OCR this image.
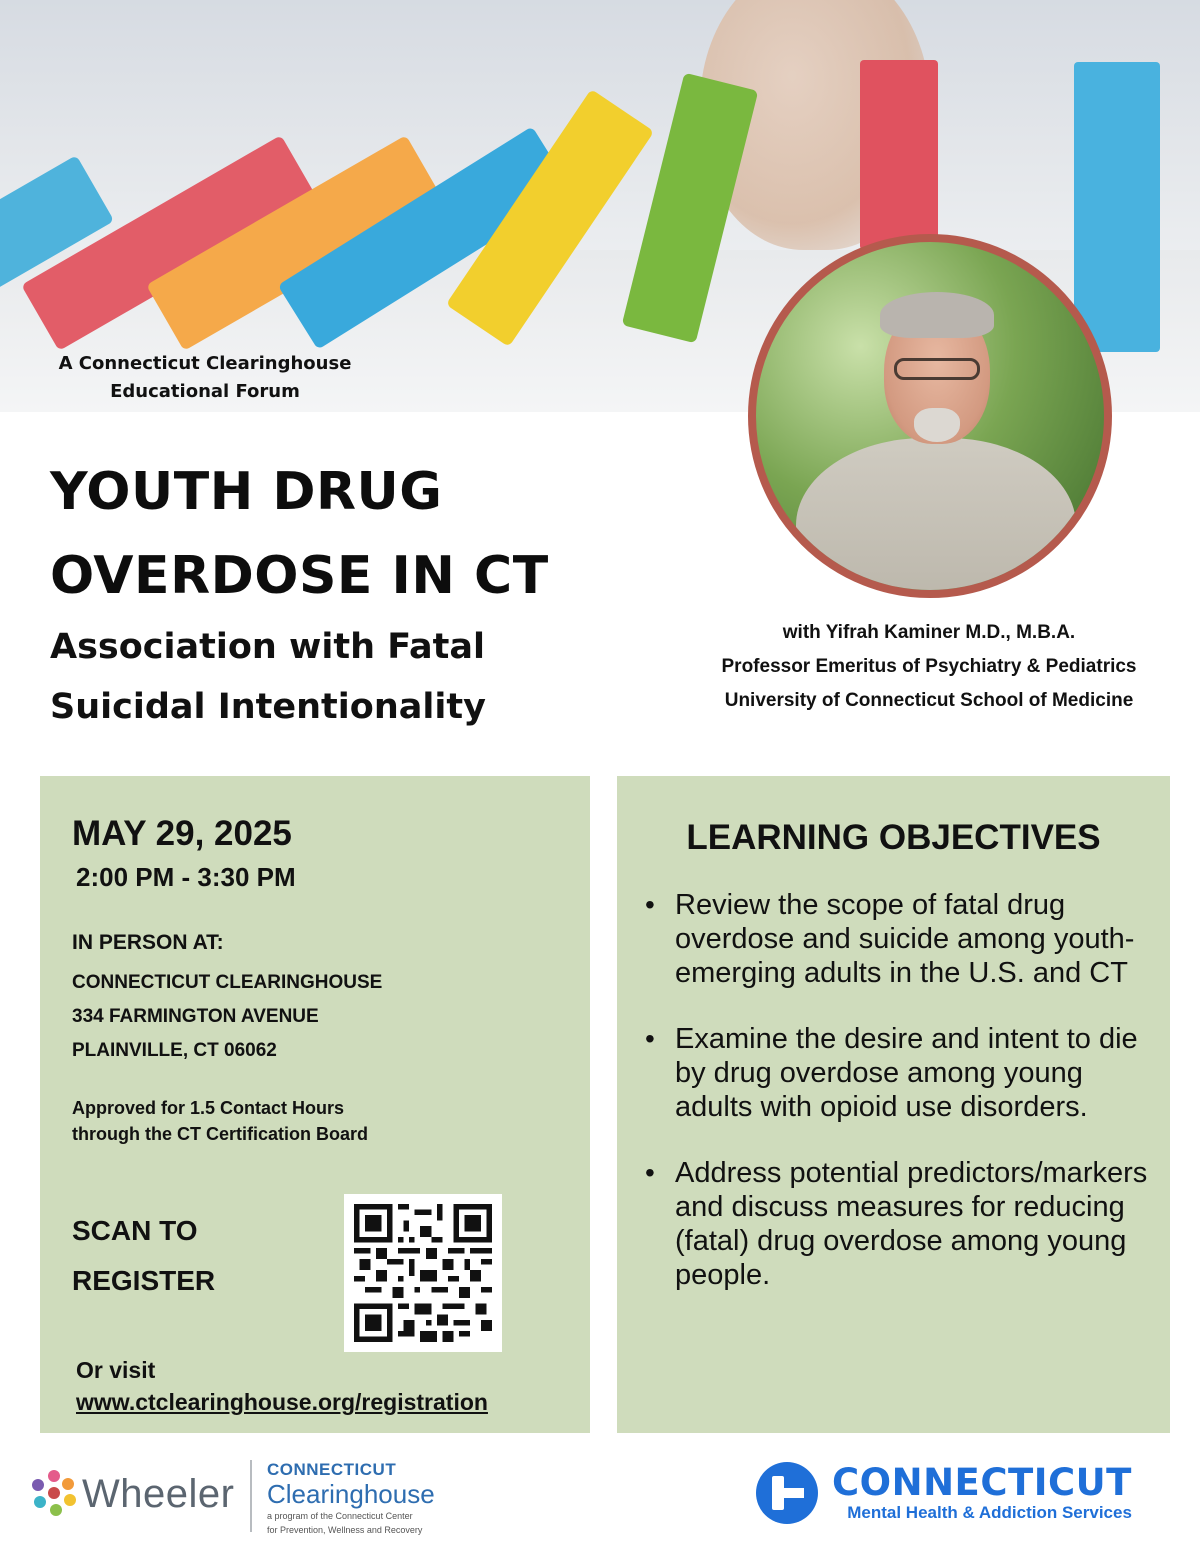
A Connecticut Clearinghouse
Educational Forum
YOUTH DRUG
OVERDOSE IN CT
Association with Fatal
Suicidal Intentionality
with Yifrah Kaminer M.D., M.B.A.
Professor Emeritus of Psychiatry & Pediatrics
University of Connecticut School of Medicine
MAY 29, 2025
2:00 PM - 3:30 PM
IN PERSON AT:
CONNECTICUT CLEARINGHOUSE
334 FARMINGTON AVENUE
PLAINVILLE, CT 06062
Approved for 1.5 Contact Hours
through the CT Certification Board
SCAN TO
REGISTER
Or visit
www.ctclearinghouse.org/registration
LEARNING OBJECTIVES
• Review the scope of fatal drug overdose and suicide among youth-emerging adults in the U.S. and CT
• Examine the desire and intent to die by drug overdose among young adults with opioid use disorders.
• Address potential predictors/markers and discuss measures for reducing (fatal) drug overdose among young people.
Wheeler
CONNECTICUT
Clearinghouse
a program of the Connecticut Center
for Prevention, Wellness and Recovery
CONNECTICUT
Mental Health & Addiction Services
